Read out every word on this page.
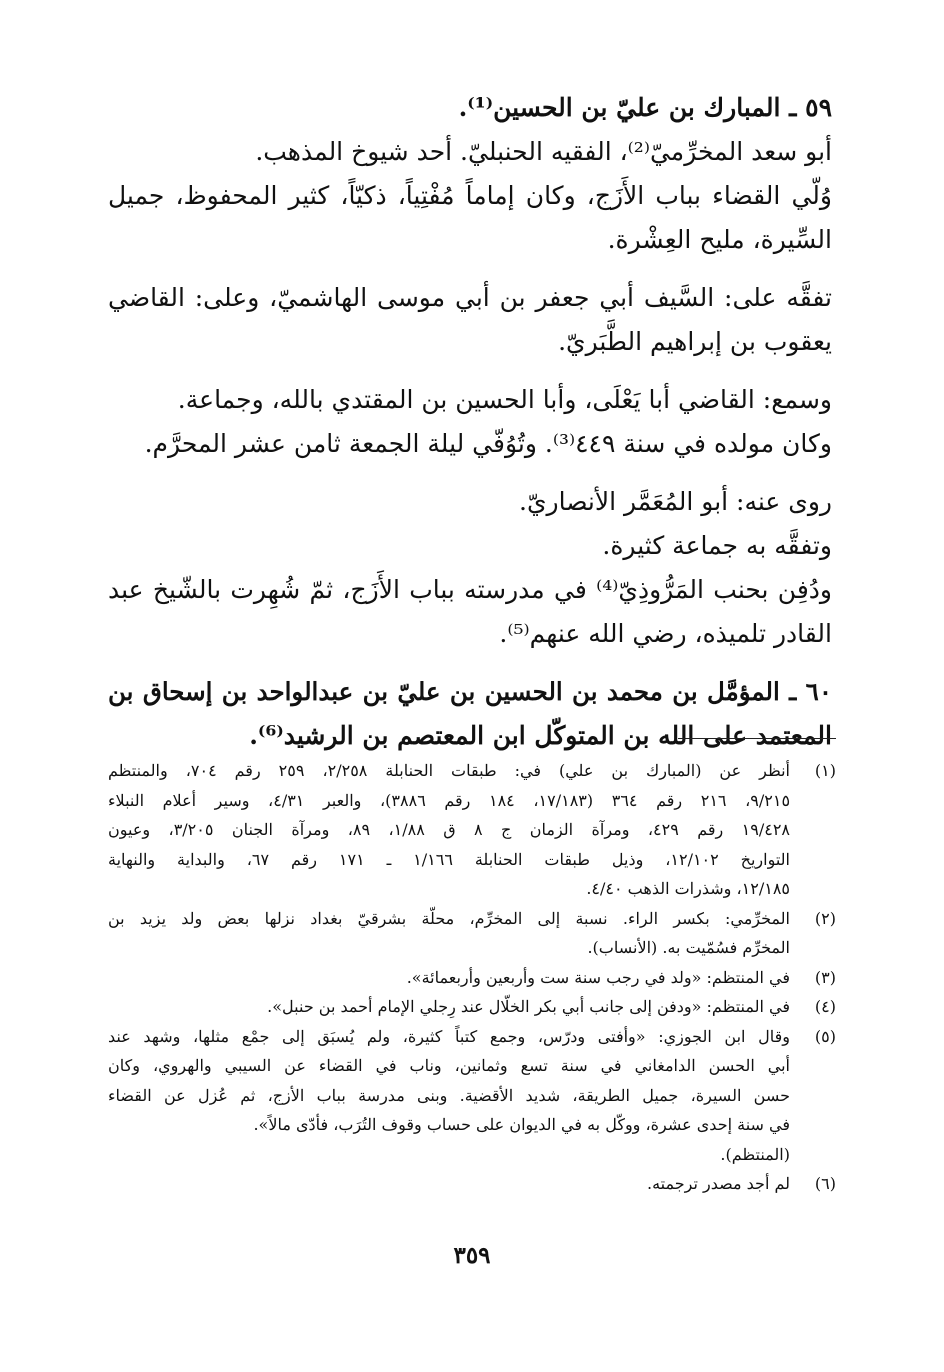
٥٩ ـ المبارك بن عليّ بن الحسين⁽¹⁾.
أبو سعد المخرِّميّ⁽²⁾، الفقيه الحنبليّ. أحد شيوخ المذهب.
وُلّي القضاء بباب الأَزَج، وكان إماماً مُفْتِياً، ذكيّاً، كثير المحفوظ، جميل
السِّيرة، مليح العِشْرة.
تفقَّه على: السَّيف أبي جعفر بن أبي موسى الهاشميّ، وعلى: القاضي
يعقوب بن إبراهيم الطَّبَريّ.
وسمع: القاضي أبا يَعْلَى، وأبا الحسين بن المقتدي بالله، وجماعة.
وكان مولده في سنة ٤٤٩⁽³⁾. وتُوُفّي ليلة الجمعة ثامن عشر المحرَّم.
روى عنه: أبو المُعَمَّر الأنصاريّ.
وتفقَّه به جماعة كثيرة.
ودُفِن بحنب المَرُّوذِيّ⁽⁴⁾ في مدرسته بباب الأَزَج، ثمّ شُهِرت بالشّيخ عبد
القادر تلميذه، رضي الله عنهم⁽⁵⁾.
٦٠ ـ المؤمَّل بن محمد بن الحسين بن عليّ بن عبدالواحد بن إسحاق بن
المعتمد على الله بن المتوكّل ابن المعتصم بن الرشيد⁽⁶⁾.
(١)
أنظر عن (المبارك بن علي) في: طبقات الحنابلة ٢/٢٥٨، ٢٥٩ رقم ٧٠٤، والمنتظم
٩/٢١٥، ٢١٦ رقم ٣٦٤ (١٧/١٨٣، ١٨٤ رقم ٣٨٨٦)، والعبر ٤/٣١، وسير أعلام النبلاء
١٩/٤٢٨ رقم ٤٢٩، ومرآة الزمان ج ٨ ق ١/٨٨، ٨٩، ومرآة الجنان ٣/٢٠٥، وعيون
التواريخ ١٢/١٠٢، وذيل طبقات الحنابلة ١/١٦٦ ـ ١٧١ رقم ٦٧، والبداية والنهاية
١٢/١٨٥، وشذرات الذهب ٤/٤٠.
(٢)
المخرِّمي: بكسر الراء. نسبة إلى المخرِّم، محلّة بشرقيّ بغداد نزلها بعض ولد يزيد بن
المخرِّم فسُمّيت به. (الأنساب).
(٣)
في المنتظم: «ولد في رجب سنة ست وأربعين وأربعمائة».
(٤)
في المنتظم: «ودفن إلى جانب أبي بكر الخلّال عند رِجلي الإمام أحمد بن حنبل».
(٥)
وقال ابن الجوزي: «وأفتى ودرّس، وجمع كتباً كثيرة، ولم يُسبَق إلى جمْع مثلها، وشهد عند
أبي الحسن الدامغاني في سنة تسع وثمانين، وناب في القضاء عن السيبي والهروي، وكان
حسن السيرة، جميل الطريقة، شديد الأقضية. وبنى مدرسة بباب الأزج، ثم عُزل عن القضاء
في سنة إحدى عشرة، ووكّل به في الديوان على حساب وقوف التُرَب، فأدّى مالاً».
(المنتظم).
(٦)
لم أجد مصدر ترجمته.
٣٥٩
